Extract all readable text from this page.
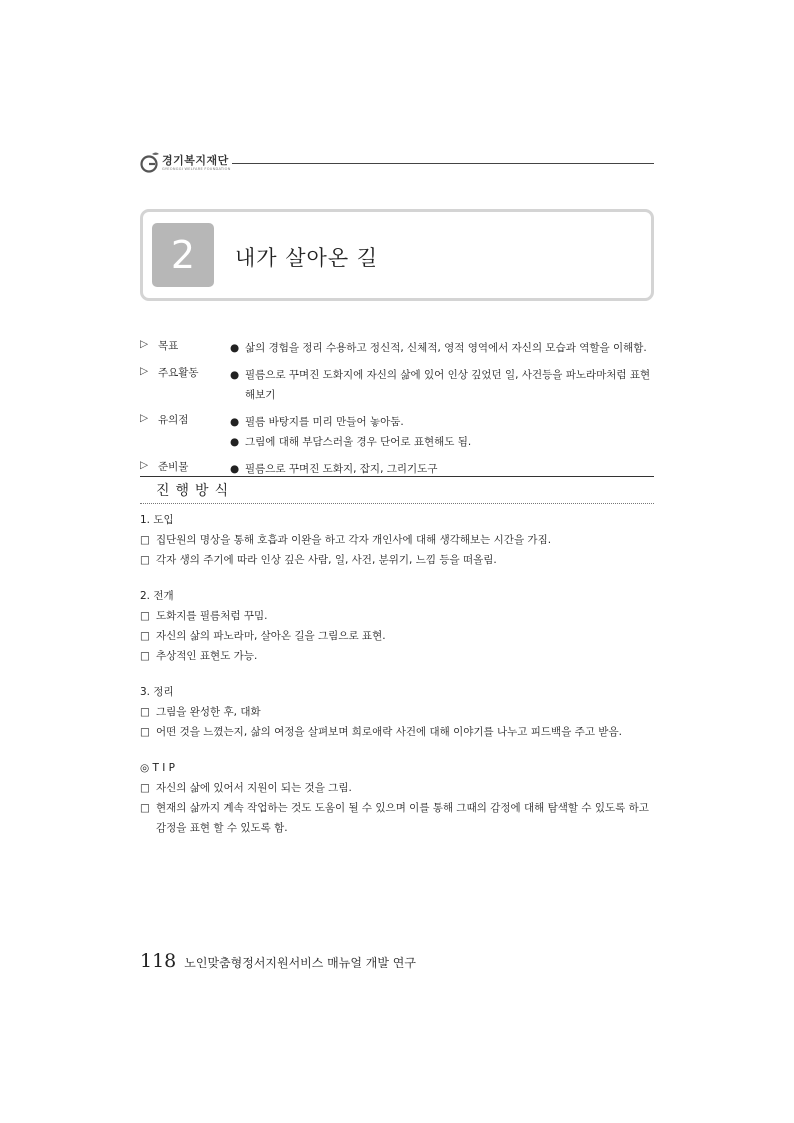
경기복지재단
GYEONGGI WELFARE FOUNDATION
2	내가 살아온 길
▷ 목표	● 삶의 경험을 정리 수용하고 정신적, 신체적, 영적 영역에서 자신의 모습과 역할을 이해함.
▷ 주요활동	● 필름으로 꾸며진 도화지에 자신의 삶에 있어 인상 깊었던 일, 사건등을 파노라마처럼 표현해보기
▷ 유의점	● 필름 바탕지를 미리 만들어 놓아둠.
● 그림에 대해 부담스러울 경우 단어로 표현해도 됨.
▷ 준비물	● 필름으로 꾸며진 도화지, 잡지, 그리기도구
진행방식
1. 도입
□ 집단원의 명상을 통해 호흡과 이완을 하고 각자 개인사에 대해 생각해보는 시간을 가짐.
□ 각자 생의 주기에 따라 인상 깊은 사람, 일, 사건, 분위기, 느낌 등을 떠올림.
2. 전개
□ 도화지를 필름처럼 꾸밈.
□ 자신의 삶의 파노라마, 살아온 길을 그림으로 표현.
□ 추상적인 표현도 가능.
3. 정리
□ 그림을 완성한 후, 대화
□ 어떤 것을 느꼈는지, 삶의 여정을 살펴보며 희로애락 사건에 대해 이야기를 나누고 피드백을 주고 받음.
◎ T I P
□ 자신의 삶에 있어서 지원이 되는 것을 그림.
□ 현재의 삶까지 계속 작업하는 것도 도움이 될 수 있으며 이를 통해 그때의 감정에 대해 탐색할 수 있도록 하고 감정을 표현 할 수 있도록 함.
118 노인맞춤형정서지원서비스 매뉴얼 개발 연구
